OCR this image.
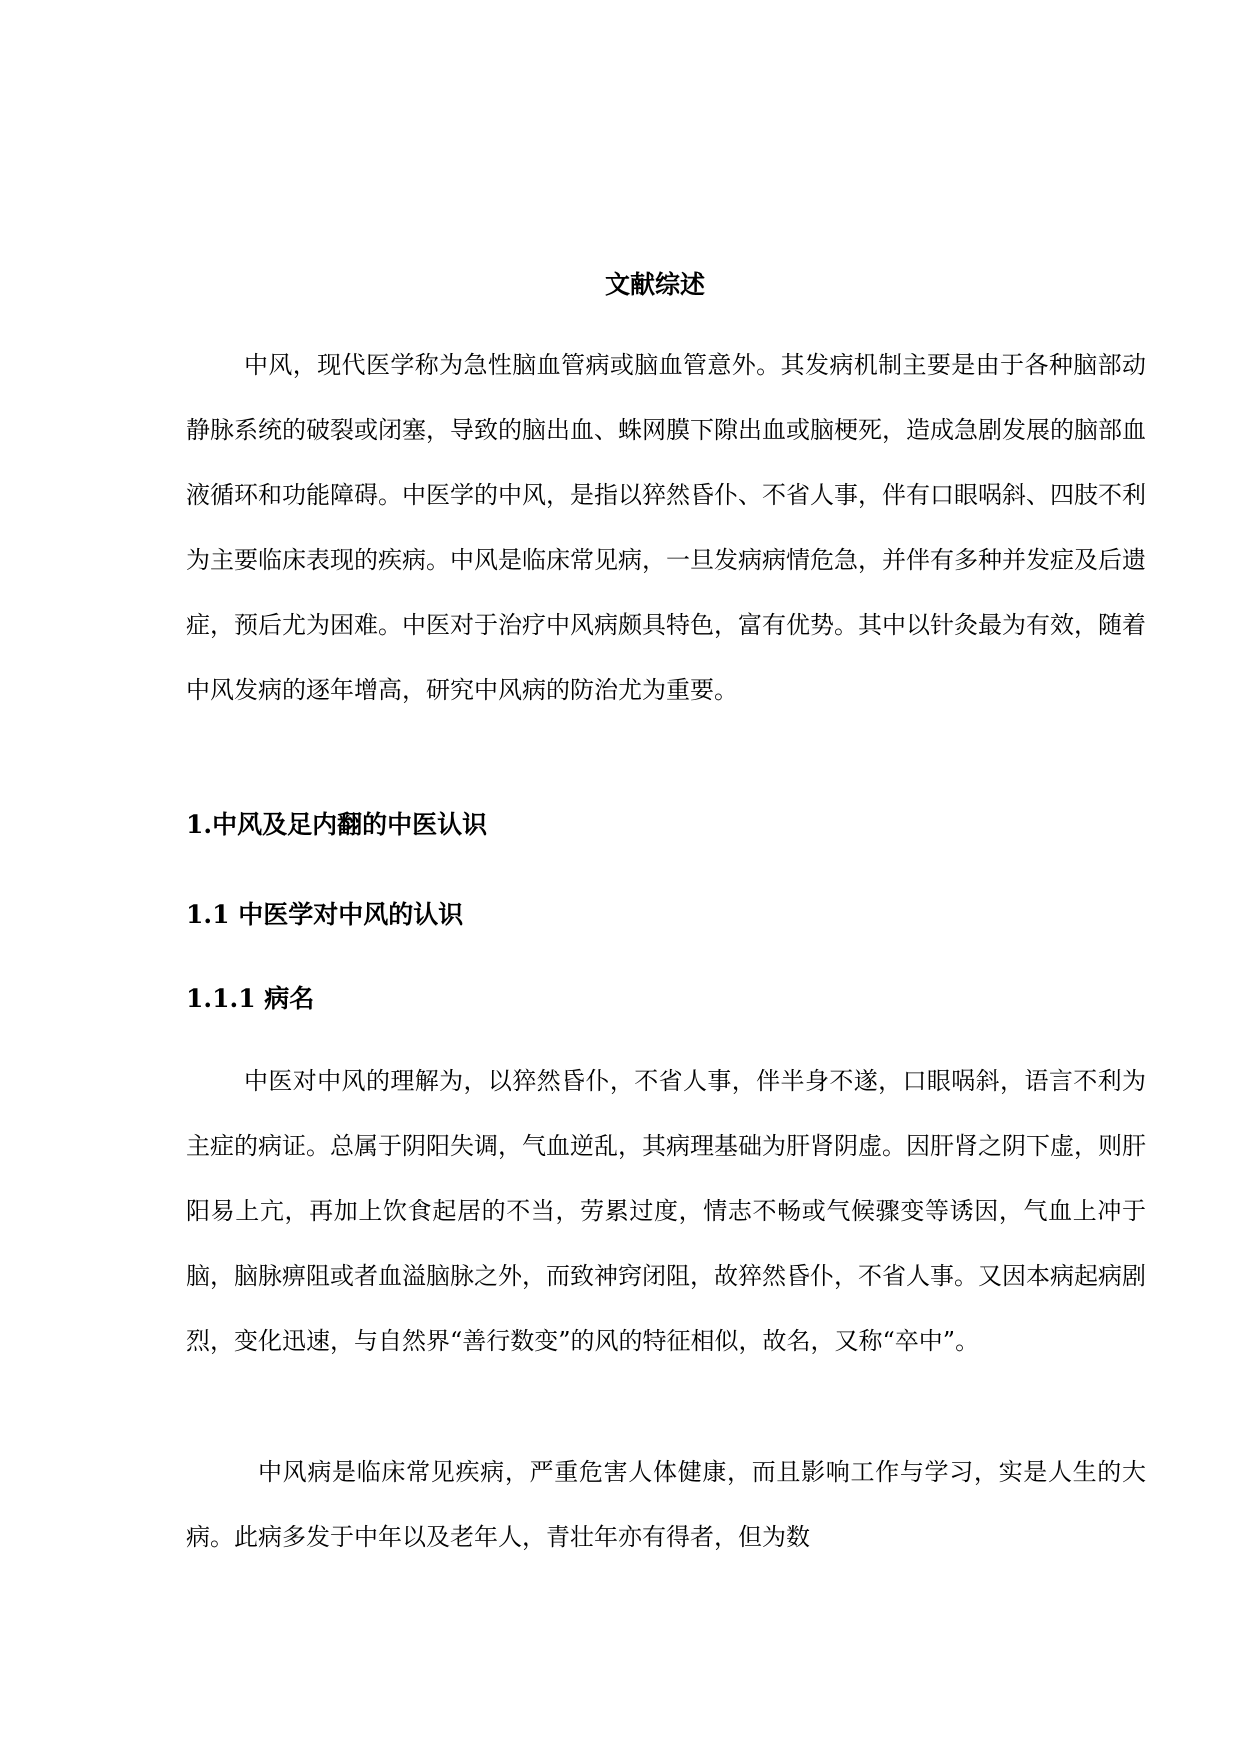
文献综述

中风，现代医学称为急性脑血管病或脑血管意外。其发病机制主要是由于各种脑部动静脉系统的破裂或闭塞，导致的脑出血、蛛网膜下隙出血或脑梗死，造成急剧发展的脑部血液循环和功能障碍。中医学的中风，是指以猝然昏仆、不省人事，伴有口眼㖞斜、四肢不利为主要临床表现的疾病。中风是临床常见病，一旦发病病情危急，并伴有多种并发症及后遗症，预后尤为困难。中医对于治疗中风病颇具特色，富有优势。其中以针灸最为有效，随着中风发病的逐年增高，研究中风病的防治尤为重要。

1.中风及足内翻的中医认识
1.1 中医学对中风的认识
1.1.1 病名

中医对中风的理解为，以猝然昏仆，不省人事，伴半身不遂，口眼㖞斜，语言不利为主症的病证。总属于阴阳失调，气血逆乱，其病理基础为肝肾阴虚。因肝肾之阴下虚，则肝阳易上亢，再加上饮食起居的不当，劳累过度，情志不畅或气候骤变等诱因，气血上冲于脑，脑脉痹阻或者血溢脑脉之外，而致神窍闭阻，故猝然昏仆，不省人事。又因本病起病剧烈，变化迅速，与自然界“善行数变”的风的特征相似，故名，又称“卒中”。

中风病是临床常见疾病，严重危害人体健康，而且影响工作与学习，实是人生的大病。此病多发于中年以及老年人，青壮年亦有得者，但为数
